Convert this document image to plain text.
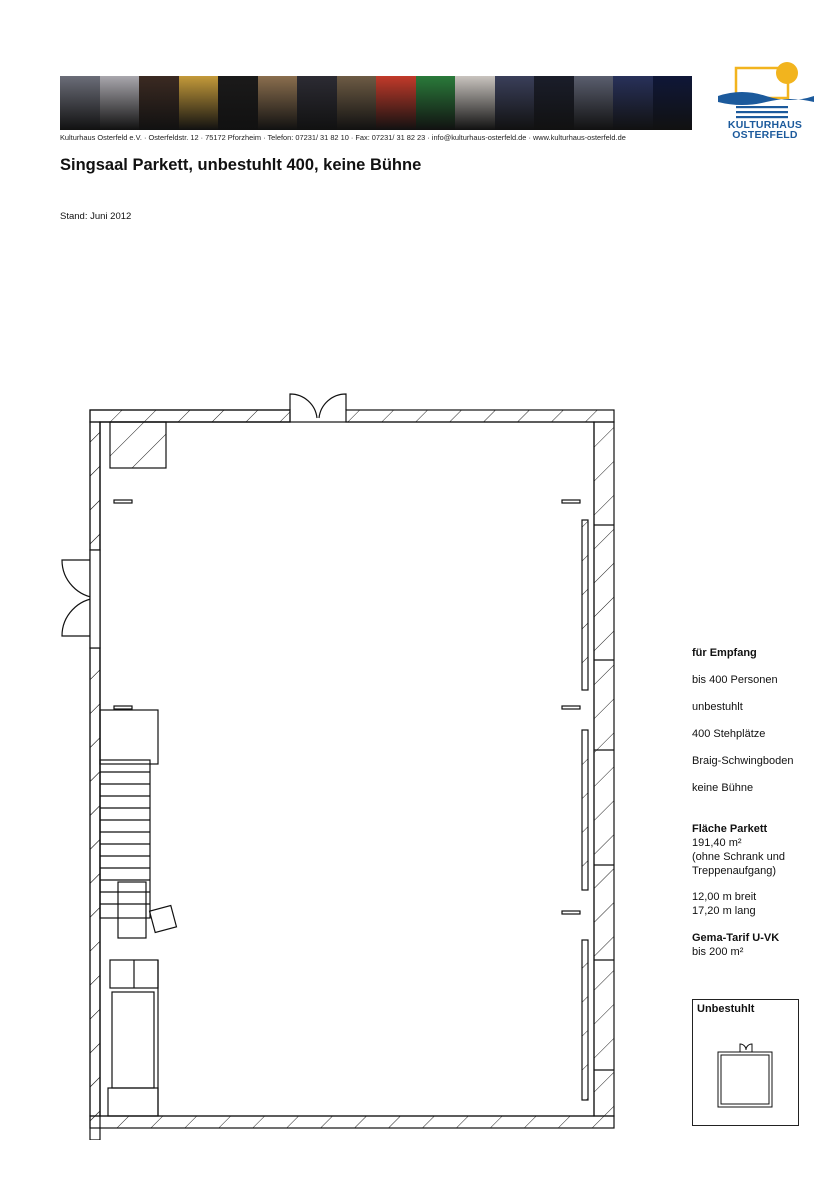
Kulturhaus Osterfeld e.V. · Osterfeldstr. 12 · 75172 Pforzheim · Telefon: 07231/ 31 82 10 · Fax: 07231/ 31 82 23 · info@kulturhaus-osterfeld.de · www.kulturhaus-osterfeld.de
KULTURHAUS
OSTERFELD
Singsaal Parkett, unbestuhlt 400, keine Bühne
Stand: Juni 2012
für Empfang
bis 400 Personen
unbestuhlt
400 Stehplätze
Braig-Schwingboden
keine Bühne
Fläche Parkett
191,40 m²
(ohne Schrank und
Treppenaufgang)
12,00 m breit
17,20 m lang
Gema-Tarif U-VK
bis 200 m²
Unbestuhlt
